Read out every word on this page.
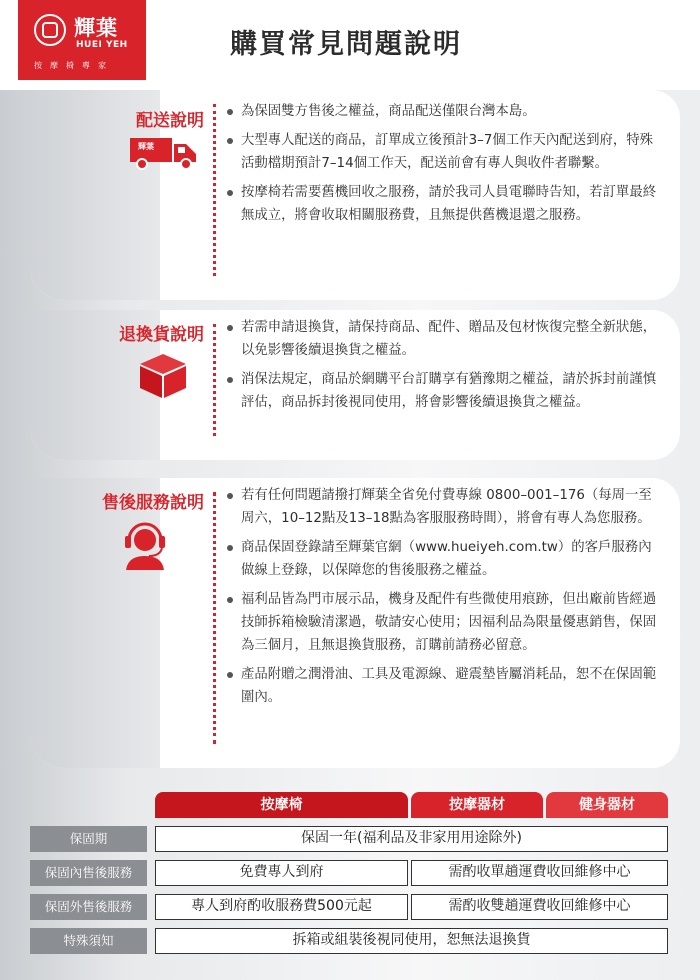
輝葉
HUEI YEH
按摩椅專家
購買常見問題說明
配送說明
輝葉
為保固雙方售後之權益，商品配送僅限台灣本島。
大型專人配送的商品，訂單成立後預計3–7個工作天內配送到府，特殊活動檔期預計7–14個工作天，配送前會有專人與收件者聯繫。
按摩椅若需要舊機回收之服務，請於我司人員電聯時告知，若訂單最終無成立，將會收取相關服務費，且無提供舊機退還之服務。
退換貨說明	若需申請退換貨，請保持商品、配件、贈品及包材恢復完整全新狀態，以免影響後續退換貨之權益。
消保法規定，商品於網購平台訂購享有猶豫期之權益，請於拆封前謹慎評估，商品拆封後視同使用，將會影響後續退換貨之權益。
售後服務說明	若有任何問題請撥打輝葉全省免付費專線 0800–001–176（每周一至周六，10–12點及13–18點為客服服務時間），將會有專人為您服務。
商品保固登錄請至輝葉官網（www.hueiyeh.com.tw）的客戶服務內做線上登錄，以保障您的售後服務之權益。
福利品皆為門市展示品，機身及配件有些微使用痕跡，但出廠前皆經過技師拆箱檢驗清潔過，敬請安心使用；因福利品為限量優惠銷售，保固為三個月，且無退換貨服務，訂購前請務必留意。
產品附贈之潤滑油、工具及電源線、避震墊皆屬消耗品，恕不在保固範圍內。
按摩椅	按摩器材	健身器材
保固期	保固一年(福利品及非家用用途除外)
保固內售後服務	免費專人到府	需酌收單趟運費收回維修中心
保固外售後服務	專人到府酌收服務費500元起	需酌收雙趟運費收回維修中心
特殊須知	拆箱或組裝後視同使用，恕無法退換貨
